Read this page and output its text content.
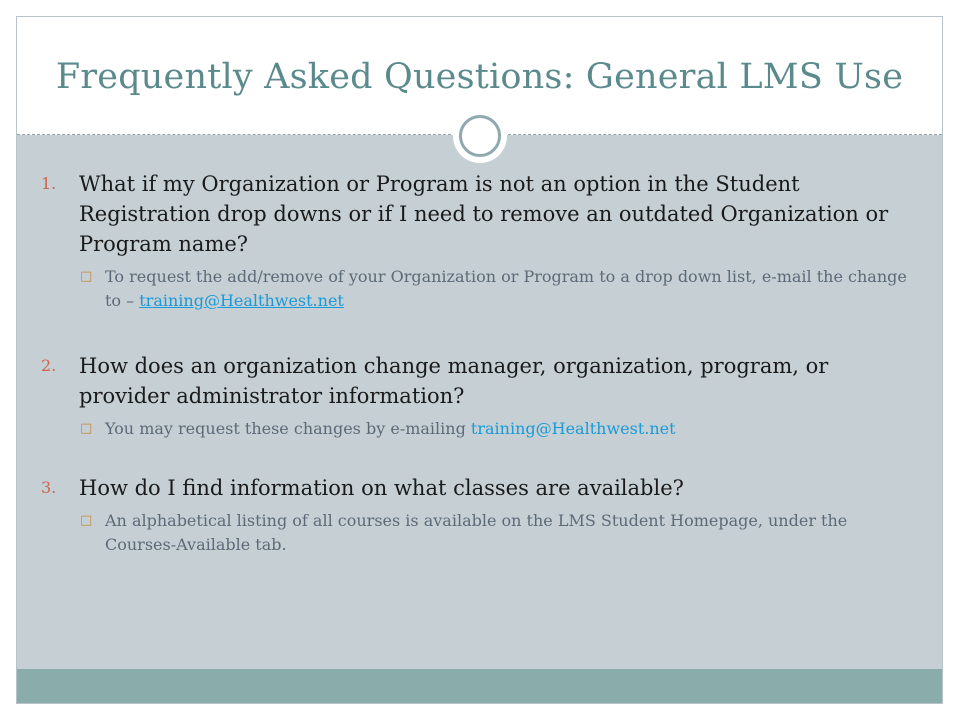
Frequently Asked Questions: General LMS Use
1. What if my Organization or Program is not an option in the Student Registration drop downs or if I need to remove an outdated Organization or Program name?
□ To request the add/remove of your Organization or Program to a drop down list, e-mail the change to – training@Healthwest.net
2. How does an organization change manager, organization, program, or provider administrator information?
□ You may request these changes by e-mailing training@Healthwest.net
3. How do I find information on what classes are available?
□ An alphabetical listing of all courses is available on the LMS Student Homepage, under the Courses-Available tab.
